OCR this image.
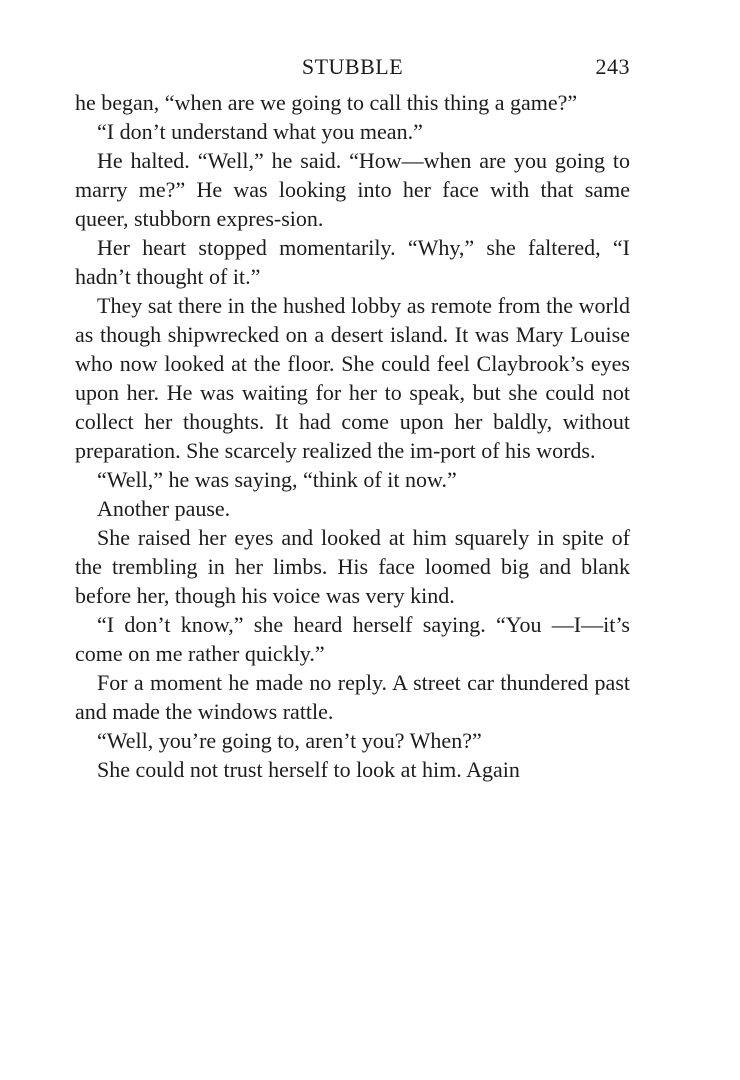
STUBBLE	243

he began, “when are we going to call this thing a game?”

“I don’t understand what you mean.”

He halted. “Well,” he said. “How—when are you going to marry me?” He was looking into her face with that same queer, stubborn expres-sion.

Her heart stopped momentarily. “Why,” she faltered, “I hadn’t thought of it.”

They sat there in the hushed lobby as remote from the world as though shipwrecked on a desert island. It was Mary Louise who now looked at the floor. She could feel Claybrook’s eyes upon her. He was waiting for her to speak, but she could not collect her thoughts. It had come upon her baldly, without preparation. She scarcely realized the im-port of his words.

“Well,” he was saying, “think of it now.”

Another pause.

She raised her eyes and looked at him squarely in spite of the trembling in her limbs. His face loomed big and blank before her, though his voice was very kind.

“I don’t know,” she heard herself saying. “You —I—it’s come on me rather quickly.”

For a moment he made no reply. A street car thundered past and made the windows rattle.

“Well, you’re going to, aren’t you? When?”

She could not trust herself to look at him. Again
